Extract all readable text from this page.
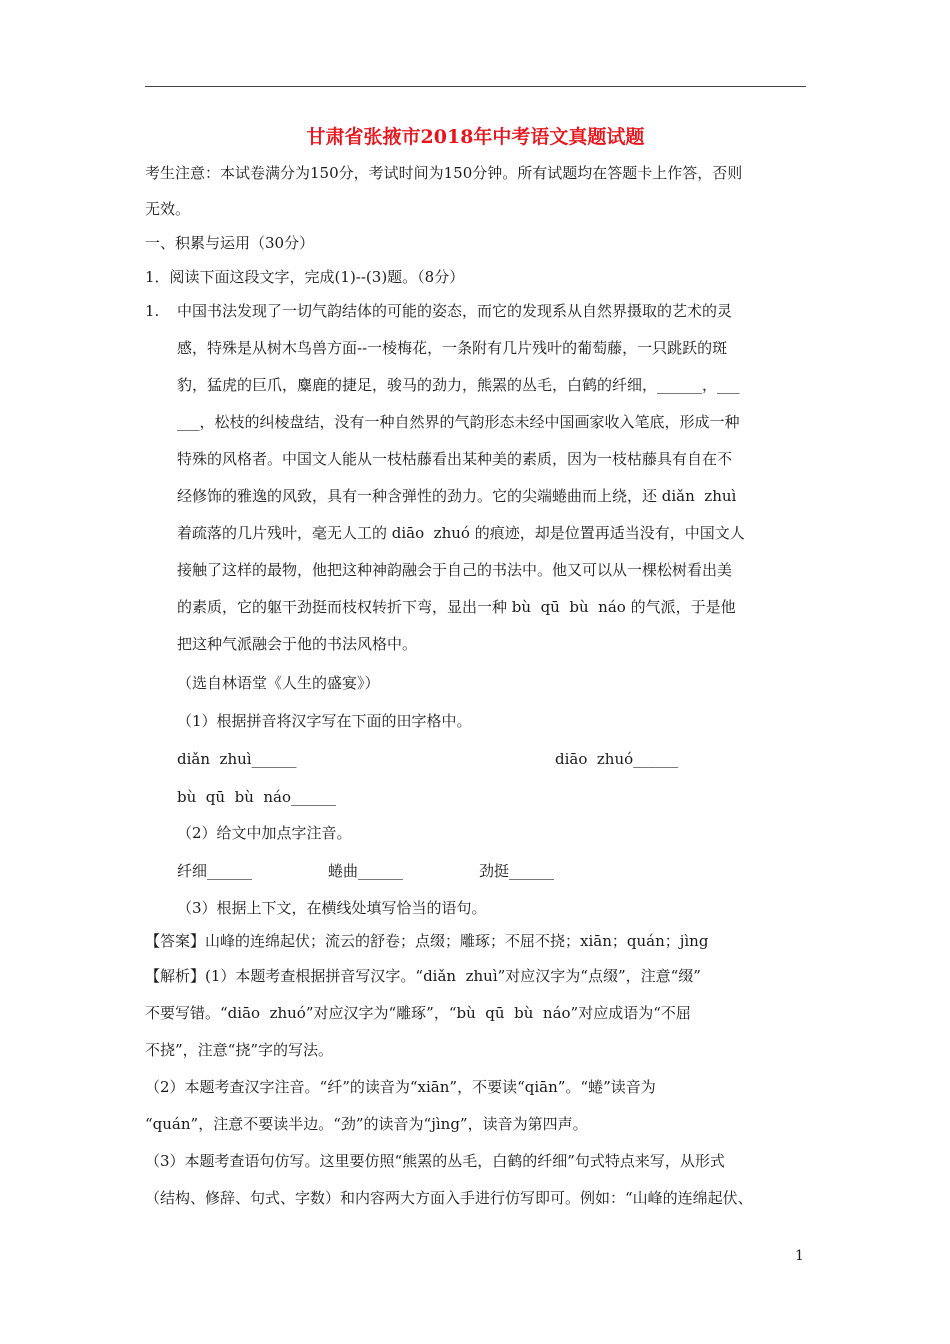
甘肃省张掖市2018年中考语文真题试题
考生注意：本试卷满分为150分，考试时间为150分钟。所有试题均在答题卡上作答，否则
无效。
一、积累与运用（30分）
1．阅读下面这段文字，完成(1)--(3)题。（8分）
1. 中国书法发现了一切气韵结体的可能的姿态，而它的发现系从自然界摄取的艺术的灵
感，特殊是从树木鸟兽方面--一棱梅花，一条附有几片残叶的葡萄藤，一只跳跃的斑
豹，猛虎的巨爪，麋鹿的捷足，骏马的劲力，熊罴的丛毛，白鹤的纤细，______，___
___，松枝的纠棱盘结，没有一种自然界的气韵形态未经中国画家收入笔底，形成一种
特殊的风格者。中国文人能从一枝枯藤看出某种美的素质，因为一枝枯藤具有自在不
经修饰的雅逸的风致，具有一种含弹性的劲力。它的尖端蜷曲而上绕，还 diǎn  zhuì
着疏落的几片残叶，毫无人工的 diāo  zhuó 的痕迹，却是位置再适当没有，中国文人
接触了这样的最物，他把这种神韵融会于自己的书法中。他又可以从一棵松树看出美
的素质，它的躯干劲挺而枝权转折下弯，显出一种 bù  qū  bù  náo 的气派，于是他
把这种气派融会于他的书法风格中。
（选自林语堂《人生的盛宴》）
（1）根据拼音将汉字写在下面的田字格中。
diǎn  zhuì______	diāo  zhuó______
bù  qū  bù  náo______
（2）给文中加点字注音。
纤细______	蜷曲______	劲挺______
（3）根据上下文，在横线处填写恰当的语句。
【答案】山峰的连绵起伏；流云的舒卷；点缀；雕琢；不屈不挠；xiān；quán；jìng
【解析】(1）本题考查根据拼音写汉字。“diǎn  zhuì”对应汉字为“点缀”，注意“缀”
不要写错。“diāo  zhuó”对应汉字为“雕琢”，“bù  qū  bù  náo”对应成语为“不屈
不挠”，注意“挠”字的写法。
（2）本题考查汉字注音。“纤”的读音为“xiān”，不要读“qiān”。“蜷”读音为
“quán”，注意不要读半边。“劲”的读音为“jìng”，读音为第四声。
（3）本题考查语句仿写。这里要仿照“熊罴的丛毛，白鹤的纤细”句式特点来写，从形式
（结构、修辞、句式、字数）和内容两大方面入手进行仿写即可。例如：“山峰的连绵起伏、
1
